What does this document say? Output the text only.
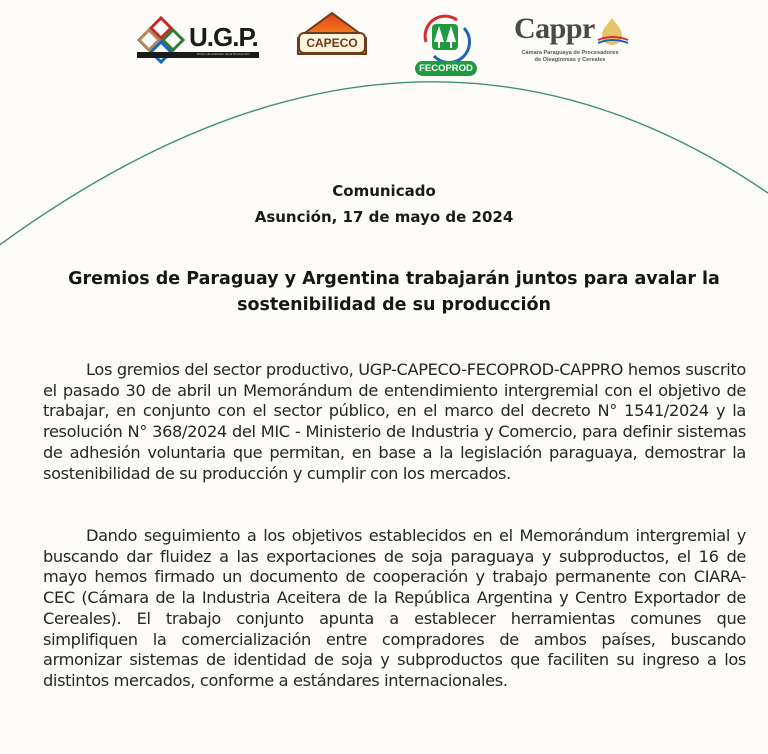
U.G.P.
Unión de Gremios de la Producción
CAPECO
FECOPROD
Cappr
Cámara Paraguaya de Procesadores
de Oleaginosas y Cereales
Comunicado
Asunción, 17 de mayo de 2024
Gremios de Paraguay y Argentina trabajarán juntos para avalar la sostenibilidad de su producción

Los gremios del sector productivo, UGP-CAPECO-FECOPROD-CAPPRO hemos suscrito el pasado 30 de abril un Memorándum de entendimiento intergremial con el objetivo de trabajar, en conjunto con el sector público, en el marco del decreto N° 1541/2024 y la resolución N° 368/2024 del MIC - Ministerio de Industria y Comercio, para definir sistemas de adhesión voluntaria que permitan, en base a la legislación paraguaya, demostrar la sostenibilidad de su producción y cumplir con los mercados.

Dando seguimiento a los objetivos establecidos en el Memorándum intergremial y buscando dar fluidez a las exportaciones de soja paraguaya y subproductos, el 16 de mayo hemos firmado un documento de cooperación y trabajo permanente con CIARA-CEC (Cámara de la Industria Aceitera de la República Argentina y Centro Exportador de Cereales). El trabajo conjunto apunta a establecer herramientas comunes que simplifiquen la comercialización entre compradores de ambos países, buscando armonizar sistemas de identidad de soja y subproductos que faciliten su ingreso a los distintos mercados, conforme a estándares internacionales.
